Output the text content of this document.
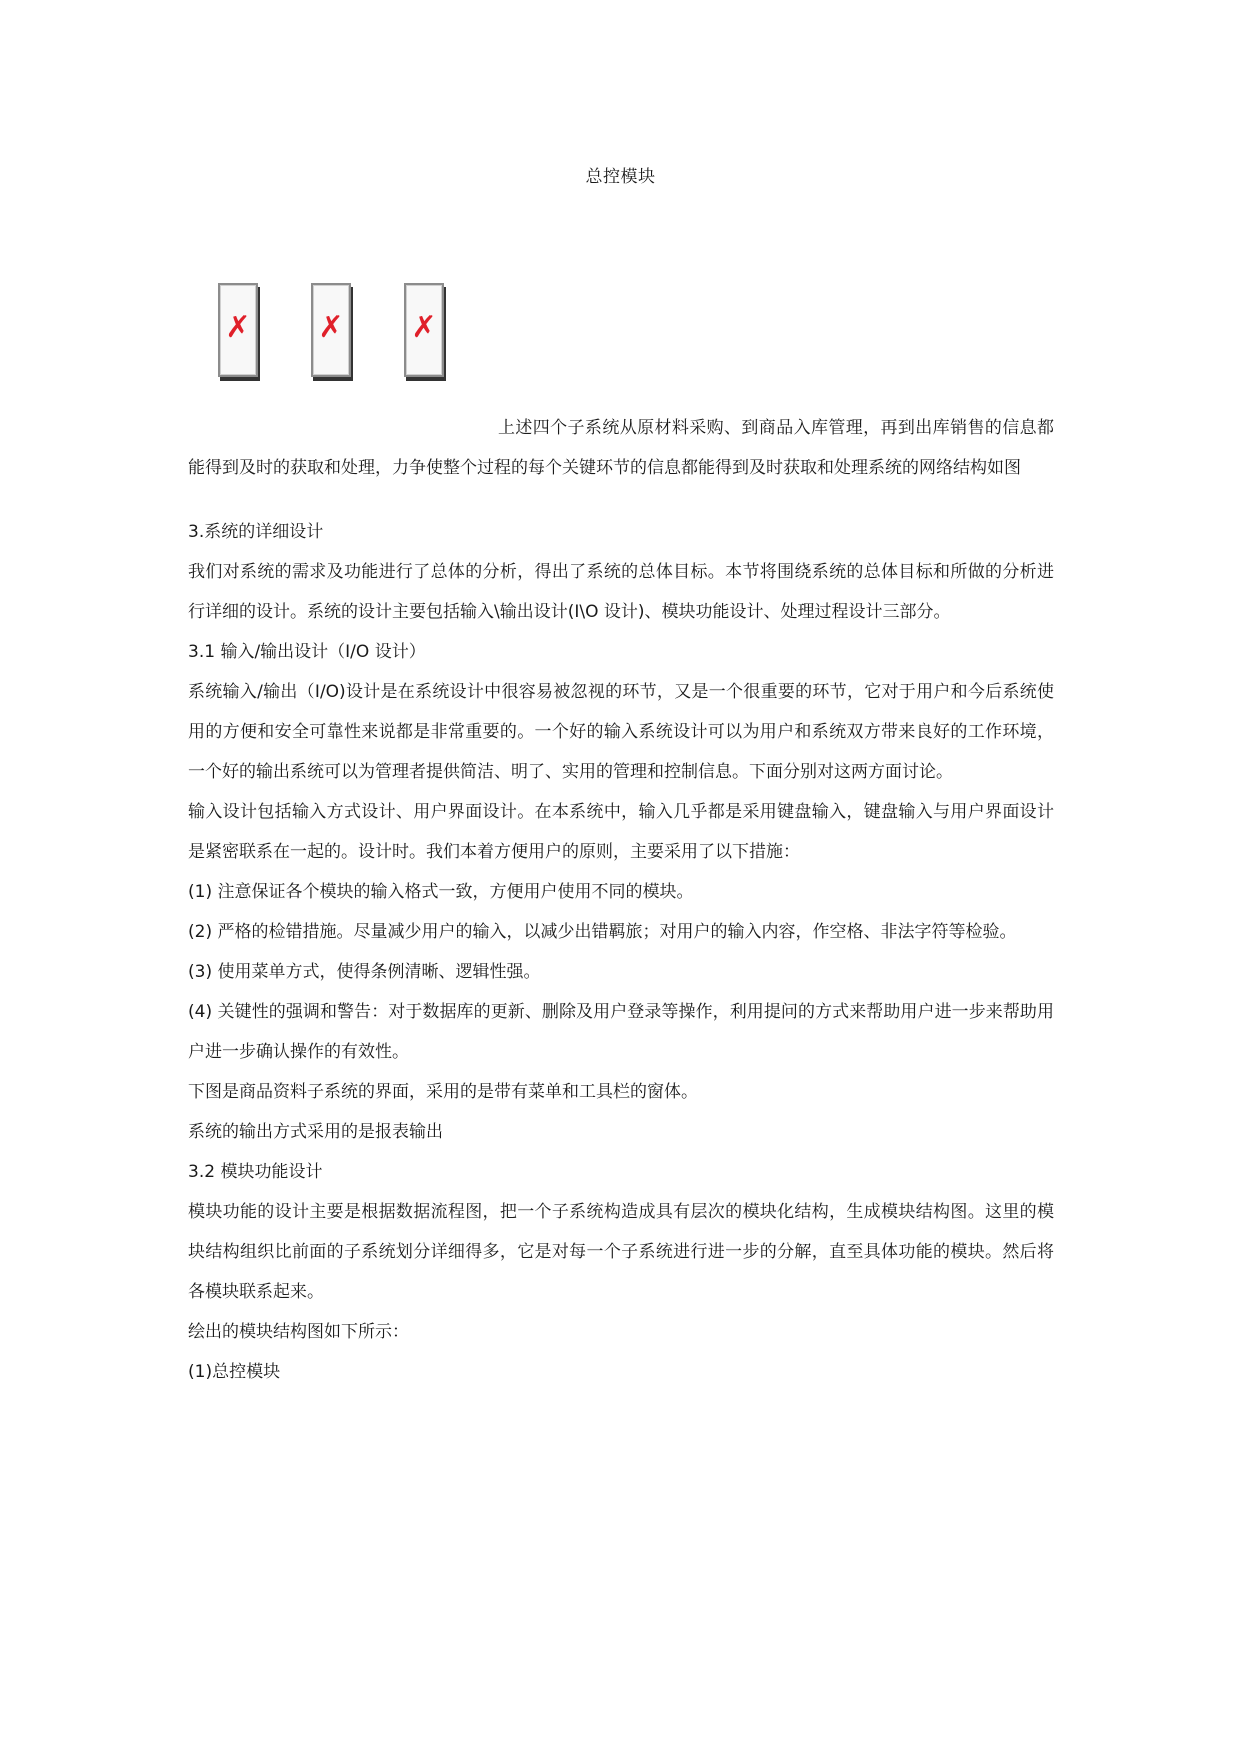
总控模块
✗ ✗ ✗

上述四个子系统从原材料采购、到商品入库管理，再到出库销售的信息都能得到及时的获取和处理，力争使整个过程的每个关键环节的信息都能得到及时获取和处理系统的网络结构如图

3.系统的详细设计

我们对系统的需求及功能进行了总体的分析，得出了系统的总体目标。本节将围绕系统的总体目标和所做的分析进行详细的设计。系统的设计主要包括输入\输出设计(I\O 设计)、模块功能设计、处理过程设计三部分。

3.1 输入/输出设计（I/O 设计）

系统输入/输出（I/O)设计是在系统设计中很容易被忽视的环节，又是一个很重要的环节，它对于用户和今后系统使用的方便和安全可靠性来说都是非常重要的。一个好的输入系统设计可以为用户和系统双方带来良好的工作环境，一个好的输出系统可以为管理者提供简洁、明了、实用的管理和控制信息。下面分别对这两方面讨论。

输入设计包括输入方式设计、用户界面设计。在本系统中，输入几乎都是采用键盘输入，键盘输入与用户界面设计是紧密联系在一起的。设计时。我们本着方便用户的原则，主要采用了以下措施：

(1) 注意保证各个模块的输入格式一致，方便用户使用不同的模块。

(2) 严格的检错措施。尽量减少用户的输入，以减少出错羁旅；对用户的输入内容，作空格、非法字符等检验。

(3) 使用菜单方式，使得条例清晰、逻辑性强。

(4) 关键性的强调和警告：对于数据库的更新、删除及用户登录等操作，利用提问的方式来帮助用户进一步来帮助用户进一步确认操作的有效性。

下图是商品资料子系统的界面，采用的是带有菜单和工具栏的窗体。

系统的输出方式采用的是报表输出

3.2 模块功能设计

模块功能的设计主要是根据数据流程图，把一个子系统构造成具有层次的模块化结构，生成模块结构图。这里的模块结构组织比前面的子系统划分详细得多，它是对每一个子系统进行进一步的分解，直至具体功能的模块。然后将各模块联系起来。

绘出的模块结构图如下所示：

(1)总控模块
